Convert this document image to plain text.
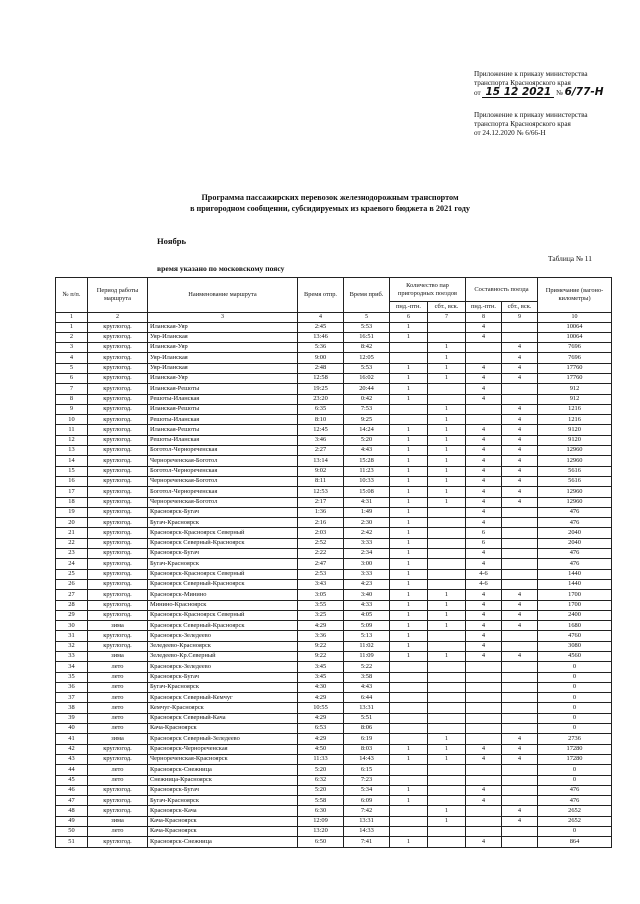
Приложение к приказу министерства
транспорта Красноярского края
от 15 12 2021 № 6/77-Н
Приложение к приказу министерства
транспорта Красноярского края
от 24.12.2020 № 6/66-Н
Программа пассажирских перевозок железнодорожным транспортом
в пригородном сообщении, субсидируемых из краевого бюджета в 2021 году
Ноябрь
Таблица № 11
время указано по московскому поясу
№ п/п.	Период работы маршрута	Наименование маршрута	Время отпр.	Время приб.	Количество пар пригородных поездов		Составность поезда		Примечание (вагоно-километры)
					пнд.-птн.	сбт., вск.	пнд.-птн.	сбт., вск.	
1	2	3	4	5	6	7	8	9	10
1	круглогод.	Иланская-Уяр	2:45	5:53	1		4		10064
2	круглогод.	Уяр-Иланская	13:46	16:51	1		4		10064
3	круглогод.	Иланская-Уяр	5:36	8:42		1		4	7696
4	круглогод.	Уяр-Иланская	9:00	12:05		1		4	7696
5	круглогод.	Уяр-Иланская	2:48	5:53	1	1	4	4	17760
6	круглогод.	Иланская-Уяр	12:58	16:02	1	1	4	4	17760
7	круглогод.	Иланская-Решоты	19:25	20:44	1		4		912
8	круглогод.	Решоты-Иланская	23:20	0:42	1		4		912
9	круглогод.	Иланская-Решоты	6:35	7:53		1		4	1216
10	круглогод.	Решоты-Иланская	8:10	9:25		1		4	1216
11	круглогод.	Иланская-Решоты	12:45	14:24	1	1	4	4	9120
12	круглогод.	Решоты-Иланская	3:46	5:20	1	1	4	4	9120
13	круглогод.	Боготол-Чернореченская	2:27	4:43	1	1	4	4	12960
14	круглогод.	Чернореченская-Боготол	13:14	15:28	1	1	4	4	12960
15	круглогод.	Боготол-Чернореченская	9:02	11:23	1	1	4	4	5616
16	круглогод.	Чернореченская-Боготол	8:11	10:33	1	1	4	4	5616
17	круглогод.	Боготол-Чернореченская	12:53	15:08	1	1	4	4	12960
18	круглогод.	Чернореченская-Боготол	2:17	4:31	1	1	4	4	12960
19	круглогод.	Красноярск-Бугач	1:36	1:49	1		4		476
20	круглогод.	Бугач-Красноярск	2:16	2:30	1		4		476
21	круглогод.	Красноярск-Красноярск Северный	2:03	2:42	1		6		2040
22	круглогод.	Красноярск Северный-Красноярск	2:52	3:33	1		6		2040
23	круглогод.	Красноярск-Бугач	2:22	2:34	1		4		476
24	круглогод.	Бугач-Красноярск	2:47	3:00	1		4		476
25	круглогод.	Красноярск-Красноярск Северный	2:53	3:33	1		4-6		1440
26	круглогод.	Красноярск Северный-Красноярск	3:43	4:23	1		4-6		1440
27	круглогод.	Красноярск-Минино	3:05	3:40	1	1	4	4	1700
28	круглогод.	Минино-Красноярск	3:55	4:33	1	1	4	4	1700
29	круглогод.	Красноярск-Красноярск Северный	3:25	4:05	1	1	4	4	2400
30	зима	Красноярск Северный-Красноярск	4:29	5:09	1	1	4	4	1680
31	круглогод.	Красноярск-Зеледеево	3:36	5:13	1		4		4760
32	круглогод.	Зеледеево-Красноярск	9:22	11:02	1		4		3080
33	зима	Зеледеево-Кр.Северный	9:22	11:09	1	1	4	4	4560
34	лето	Красноярск-Зеледеево	3:45	5:22					0
35	лето	Красноярск-Бугач	3:45	3:58					0
36	лето	Бугач-Красноярск	4:30	4:43					0
37	лето	Красноярск Северный-Кемчуг	4:29	6:44					0
38	лето	Кемчуг-Красноярск	10:55	13:31					0
39	лето	Красноярск Северный-Кача	4:29	5:51					0
40	лето	Кача-Красноярск	6:53	8:06					0
41	зима	Красноярск Северный-Зеледеево	4:29	6:19		1		4	2736
42	круглогод.	Красноярск-Чернореченская	4:50	8:03	1	1	4	4	17280
43	круглогод.	Чернореченская-Красноярск	11:33	14:43	1	1	4	4	17280
44	лето	Красноярск-Снежница	5:20	6:15					0
45	лето	Снежница-Красноярск	6:32	7:23					0
46	круглогод.	Красноярск-Бугач	5:20	5:34	1		4		476
47	круглогод.	Бугач-Красноярск	5:58	6:09	1		4		476
48	круглогод.	Красноярск-Кача	6:30	7:42		1		4	2652
49	зима	Кача-Красноярск	12:09	13:31		1		4	2652
50	лето	Кача-Красноярск	13:20	14:33					0
51	круглогод.	Красноярск-Снежница	6:50	7:41	1		4		864
